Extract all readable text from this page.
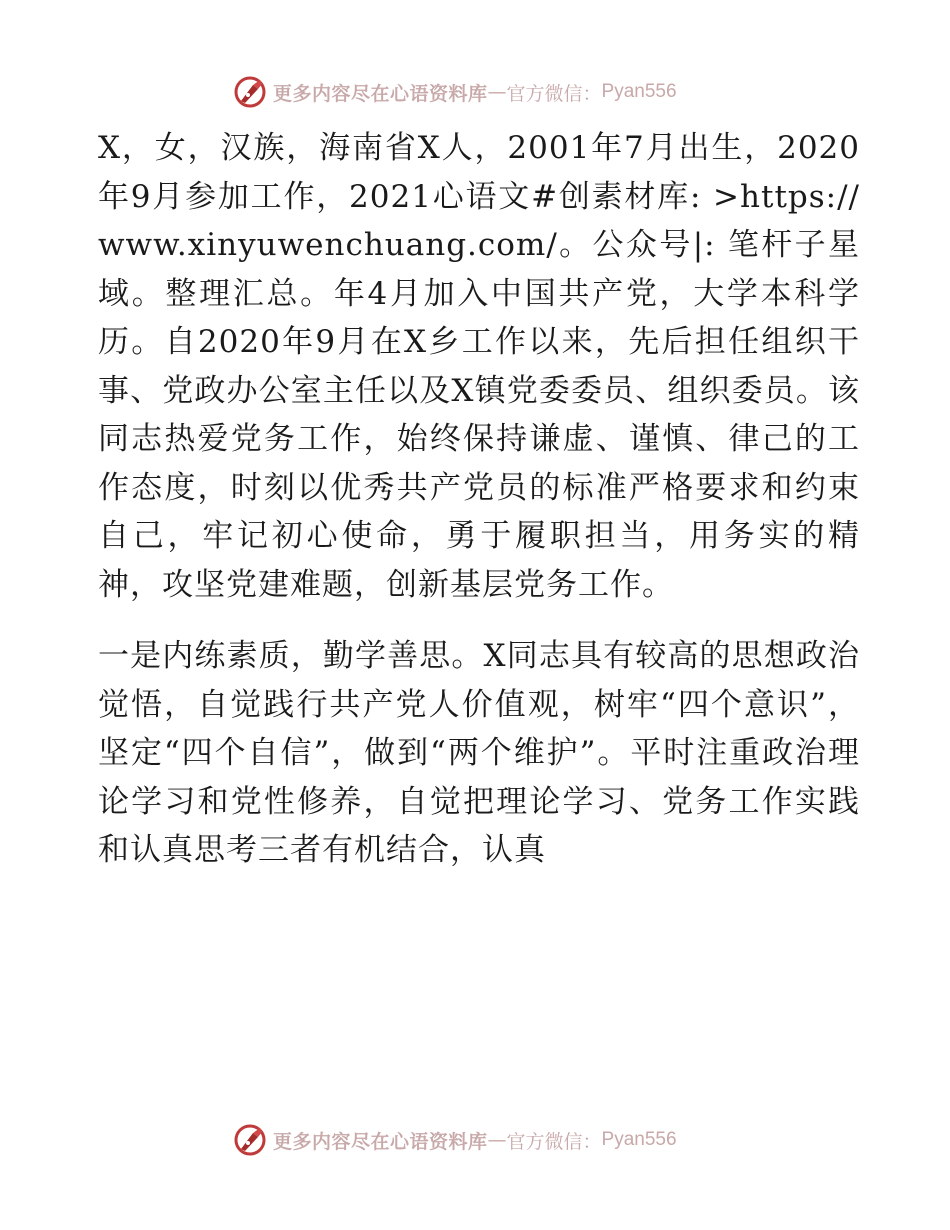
更多内容尽在心语资料库 — 官方微信： Pyan556

X，女，汉族，海南省X人，2001年7月出生，2020年9月参加工作，2021心语文#创素材库: >https://www.xinyuwenchuang.com/。公众号|: 笔杆子星域。整理汇总。年4月加入中国共产党，大学本科学历。自2020年9月在X乡工作以来，先后担任组织干事、党政办公室主任以及X镇党委委员、组织委员。该同志热爱党务工作，始终保持谦虚、谨慎、律己的工作态度，时刻以优秀共产党员的标准严格要求和约束自己，牢记初心使命，勇于履职担当，用务实的精神，攻坚党建难题，创新基层党务工作。

一是内练素质，勤学善思。X同志具有较高的思想政治觉悟，自觉践行共产党人价值观，树牢“四个意识”，坚定“四个自信”，做到“两个维护”。平时注重政治理论学习和党性修养，自觉把理论学习、党务工作实践和认真思考三者有机结合，认真

更多内容尽在心语资料库 — 官方微信： Pyan556
